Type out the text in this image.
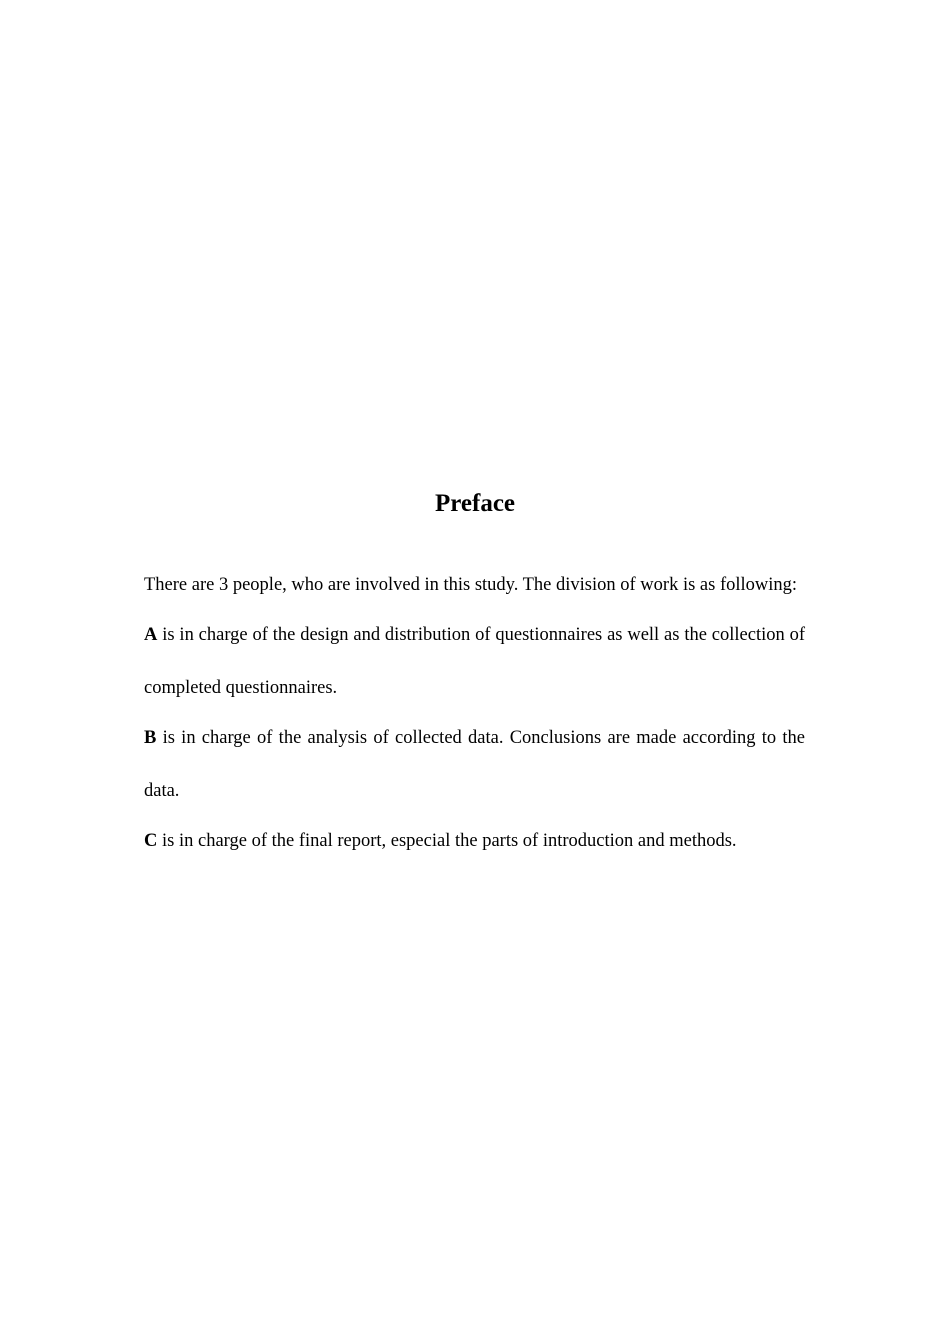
Preface

There are 3 people, who are involved in this study. The division of work is as following:

A is in charge of the design and distribution of questionnaires as well as the collection of completed questionnaires.

B is in charge of the analysis of collected data. Conclusions are made according to the data.

C is in charge of the final report, especial the parts of introduction and methods.
